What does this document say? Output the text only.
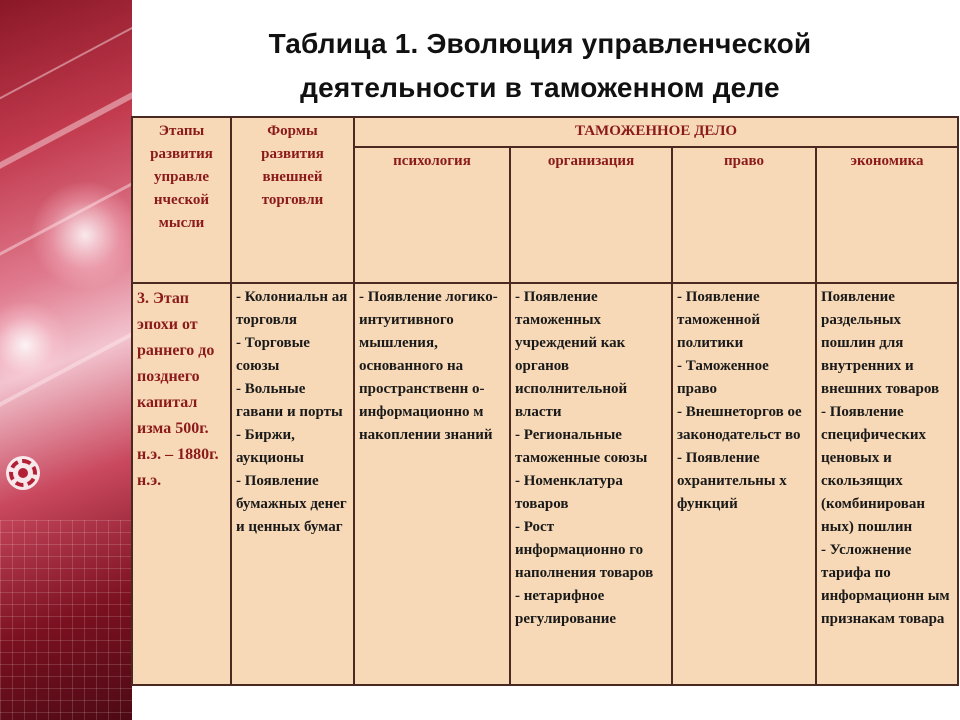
Таблица 1. Эволюция управленческой
деятельности в таможенном деле
Этапы развития управле нческой мысли	Формы развития внешней торговли	ТАМОЖЕННОЕ ДЕЛО			
		психология	организация	право	экономика
3. Этап эпохи от раннего до позднего капитал изма 500г. н.э. – 1880г. н.э.	- Колониальн ая торговля
- Торговые союзы
- Вольные гавани и порты
- Биржи, аукционы
- Появление бумажных денег и ценных бумаг	- Появление логико-интуитивного мышления, основанного на пространственн о-информационно м накоплении знаний	- Появление таможенных учреждений как органов исполнительной власти
- Региональные таможенные союзы
- Номенклатура товаров
- Рост информационно го наполнения товаров
- нетарифное регулирование	- Появление таможенной политики
- Таможенное право
- Внешнеторгов ое законодательст во
- Появление охранительны х функций	Появление раздельных пошлин для внутренних и внешних товаров
- Появление специфических ценовых и скользящих (комбинирован ных) пошлин
- Усложнение тарифа по информационн ым признакам товара
